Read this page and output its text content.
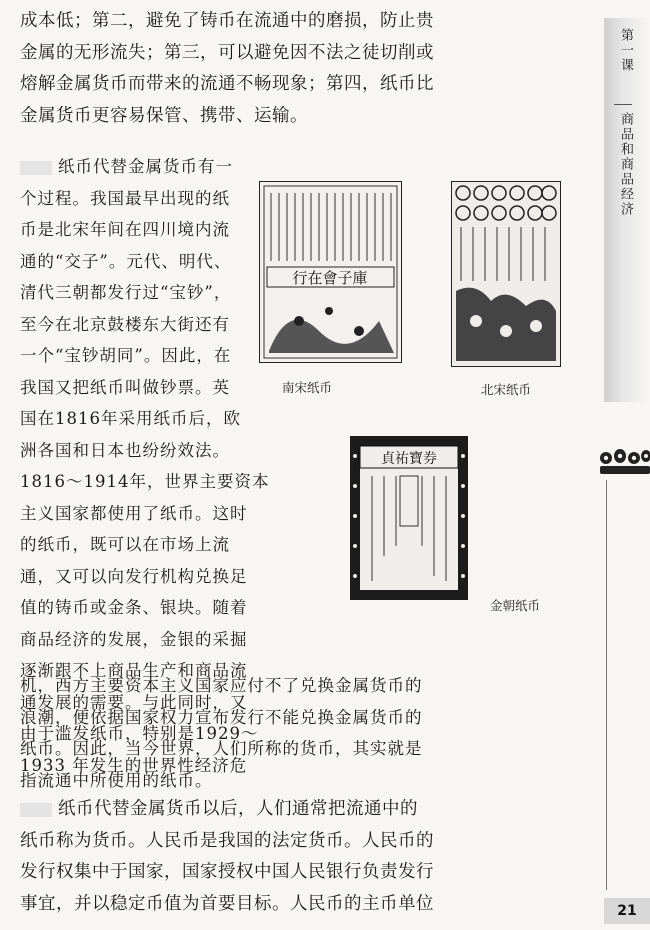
成本低；第二，避免了铸币在流通中的磨损，防止贵
金属的无形流失；第三，可以避免因不法之徒切削或
熔解金属货币而带来的流通不畅现象；第四，纸币比
金属货币更容易保管、携带、运输。
纸币代替金属货币有一
个过程。我国最早出现的纸
币是北宋年间在四川境内流
通的“交子”。元代、明代、
清代三朝都发行过“宝钞”，
至今在北京鼓楼东大街还有
一个“宝钞胡同”。因此，在
我国又把纸币叫做钞票。英
国在1816年采用纸币后，欧
洲各国和日本也纷纷效法。
1816～1914年，世界主要资本
主义国家都使用了纸币。这时
的纸币，既可以在市场上流
通，又可以向发行机构兑换足
值的铸币或金条、银块。随着
商品经济的发展，金银的采掘
逐渐跟不上商品生产和商品流
通发展的需要。与此同时，又
由于滥发纸币，特别是1929～
1933 年发生的世界性经济危
机，西方主要资本主义国家应付不了兑换金属货币的
浪潮，便依据国家权力宣布发行不能兑换金属货币的
纸币。因此，当今世界，人们所称的货币，其实就是
指流通中所使用的纸币。
纸币代替金属货币以后，人们通常把流通中的
纸币称为货币。人民币是我国的法定货币。人民币的
发行权集中于国家，国家授权中国人民银行负责发行
事宜，并以稳定币值为首要目标。人民币的主币单位
第一课
商品和商品经济
行在會子庫
南宋纸币	北宋纸币
貞祐寶券
金朝纸币
21
